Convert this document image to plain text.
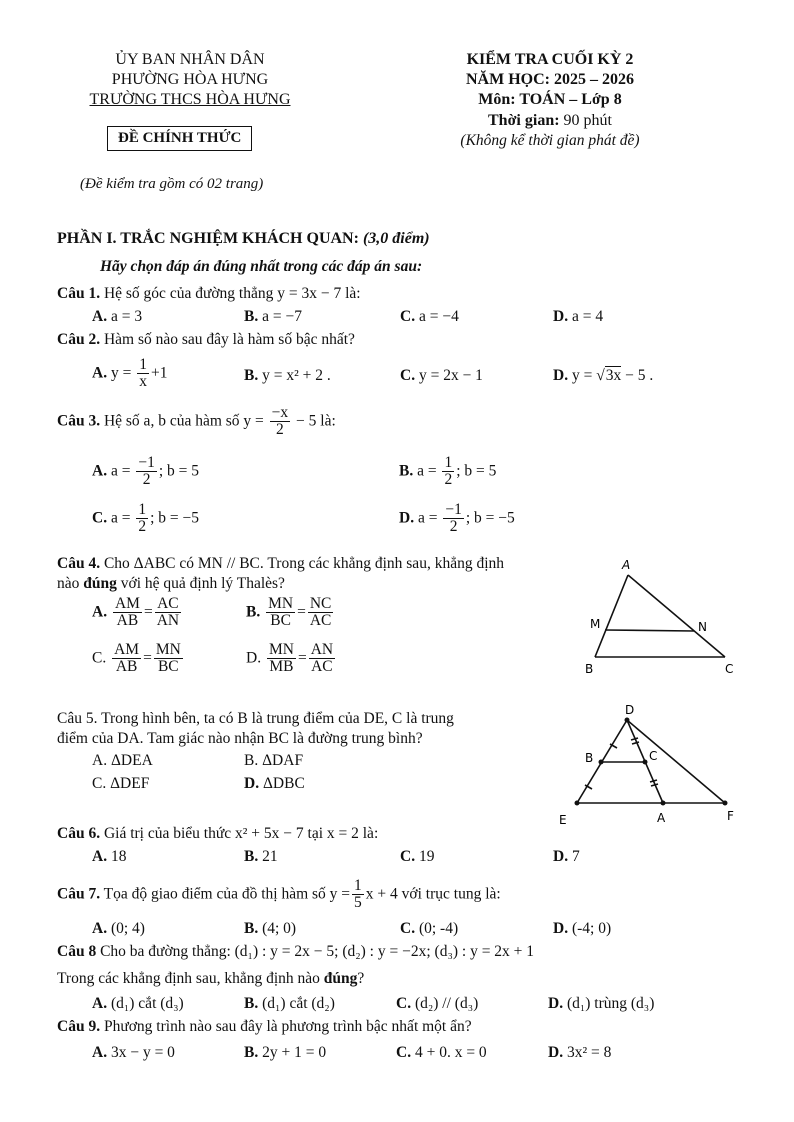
ỦY BAN NHÂN DÂN
PHƯỜNG HÒA HƯNG
TRƯỜNG THCS HÒA HƯNG
ĐỀ CHÍNH THỨC
(Đề kiểm tra gồm có 02 trang)
KIỂM TRA CUỐI KỲ 2
NĂM HỌC: 2025 – 2026
Môn: TOÁN – Lớp 8
Thời gian: 90 phút
(Không kể thời gian phát đề)
PHẦN I. TRẮC NGHIỆM KHÁCH QUAN: (3,0 điểm)
Hãy chọn đáp án đúng nhất trong các đáp án sau:
Câu 1. Hệ số góc của đường thẳng y = 3x − 7 là:
A. a = 3	B. a = −7	C. a = −4	D. a = 4
Câu 2. Hàm số nào sau đây là hàm số bậc nhất?
A. $y = \frac{1}{x} +1$	B. y = x² + 2 .	C. y = 2x − 1	D. y = √3x − 5 .
Câu 3. Hệ số a, b của hàm số $y = \frac{-x}{2} - 5$ là:
A. $a = \frac{-1}{2}$ ; b = 5	B. $a = \frac{1}{2}$ ; b = 5
C. $a = \frac{1}{2}$ ; b = −5	D. $a = \frac{-1}{2}$ ; b = −5
Câu 4. Cho ΔABC có MN // BC. Trong các khẳng định sau, khẳng định
nào đúng với hệ quả định lý Thalès?
A. $\frac{AM}{AB} = \frac{AC}{AN}$	B. $\frac{MN}{BC} = \frac{NC}{AC}$
C. $\frac{AM}{AB} = \frac{MN}{BC}$	D. $\frac{MN}{MB} = \frac{AN}{AC}$
A
M	N
B	C
Câu 5. Trong hình bên, ta có B là trung điểm của DE, C là trung
điểm của DA. Tam giác nào nhận BC là đường trung bình?
A. ΔDEA	B. ΔDAF
C. ΔDEF	D. ΔDBC
D
B	C
E	A	F
Câu 6. Giá trị của biểu thức x² + 5x − 7 tại x = 2 là:
A. 18	B. 21	C. 19	D. 7
Câu 7. Tọa độ giao điểm của đồ thị hàm số $y = \frac{1}{5}$ x + 4 với trục tung là:
A. (0; 4)	B. (4; 0)	C. (0; -4)	D. (-4; 0)
Câu 8 Cho ba đường thẳng: (d₁) : y = 2x − 5; (d₂) : y = −2x; (d₃) : y = 2x + 1
Trong các khẳng định sau, khẳng định nào đúng?
A. (d₁) cắt (d₃)	B. (d₁) cắt (d₂)	C. (d₂) // (d₃)	D. (d₁) trùng (d₃)
Câu 9. Phương trình nào sau đây là phương trình bậc nhất một ẩn?
A. 3x − y = 0	B. 2y + 1 = 0	C. 4 + 0. x = 0	D. 3x² = 8
